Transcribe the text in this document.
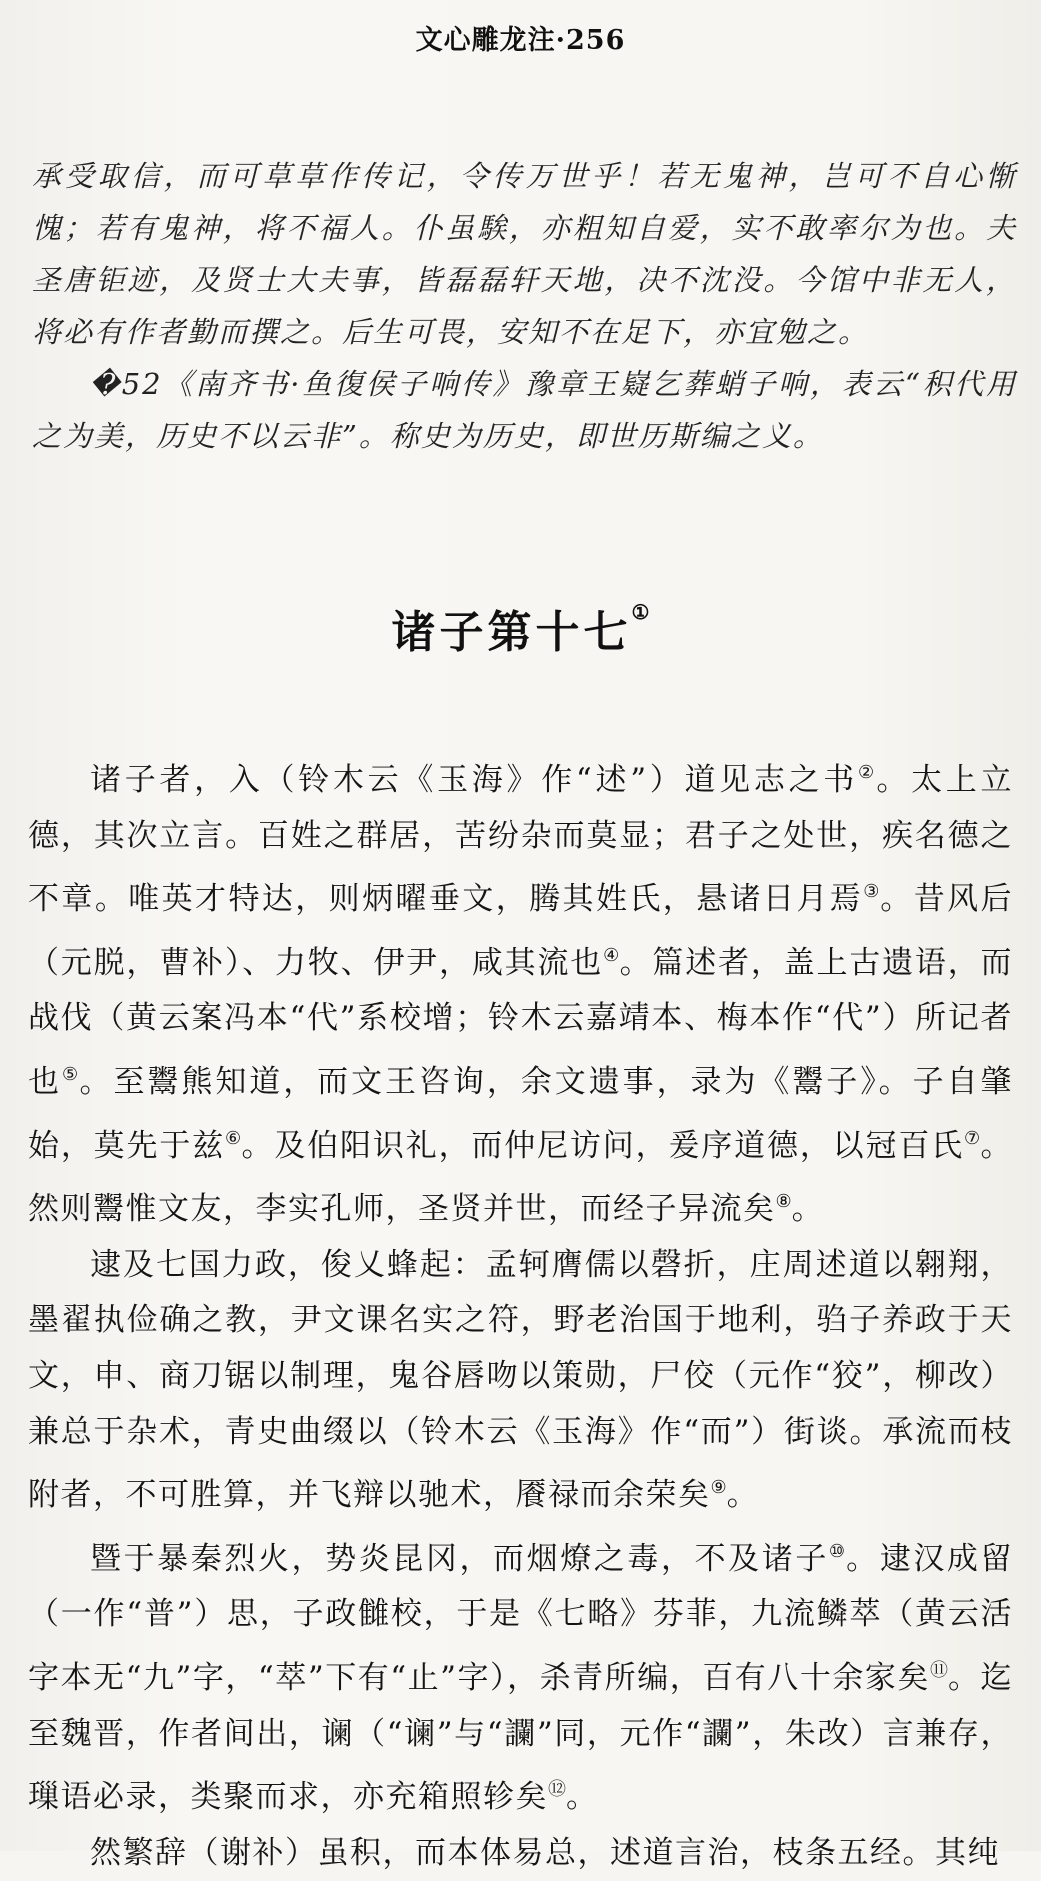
文心雕龙注·256

承受取信，而可草草作传记，令传万世乎！若无鬼神，岂可不自心惭愧；若有鬼神，将不福人。仆虽騃，亦粗知自爱，实不敢率尔为也。夫圣唐钜迹，及贤士大夫事，皆磊磊轩天地，决不沈没。今馆中非无人，将必有作者勤而撰之。后生可畏，安知不在足下，亦宜勉之。

�52《南齐书·鱼復侯子响传》豫章王嶷乞葬蛸子响，表云“积代用之为美，历史不以云非”。称史为历史，即世历斯编之义。

诸子第十七①

诸子者，入（铃木云《玉海》作“述”）道见志之书②。太上立德，其次立言。百姓之群居，苦纷杂而莫显；君子之处世，疾名德之不章。唯英才特达，则炳曜垂文，腾其姓氏，悬诸日月焉③。昔风后（元脱，曹补）、力牧、伊尹，咸其流也④。篇述者，盖上古遗语，而战伐（黄云案冯本“代”系校增；铃木云嘉靖本、梅本作“代”）所记者也⑤。至鬻熊知道，而文王咨询，余文遗事，录为《鬻子》。子自肇始，莫先于兹⑥。及伯阳识礼，而仲尼访问，爰序道德，以冠百氏⑦。然则鬻惟文友，李实孔师，圣贤并世，而经子异流矣⑧。

逮及七国力政，俊乂蜂起：孟轲膺儒以磬折，庄周述道以翱翔，墨翟执俭确之教，尹文课名实之符，野老治国于地利，驺子养政于天文，申、商刀锯以制理，鬼谷唇吻以策勋，尸佼（元作“狡”，柳改）兼总于杂术，青史曲缀以（铃木云《玉海》作“而”）街谈。承流而枝附者，不可胜算，并飞辩以驰术，餍禄而余荣矣⑨。

暨于暴秦烈火，势炎昆冈，而烟燎之毒，不及诸子⑩。逮汉成留（一作“普”）思，子政雠校，于是《七略》芬菲，九流鳞萃（黄云活字本无“九”字，“萃”下有“止”字），杀青所编，百有八十余家矣⑪。迄至魏晋，作者间出，谰（“谰”与“讕”同，元作“讕”，朱改）言兼存，璅语必录，类聚而求，亦充箱照轸矣⑫。

然繁辞（谢补）虽积，而本体易总，述道言治，枝条五经。其纯
